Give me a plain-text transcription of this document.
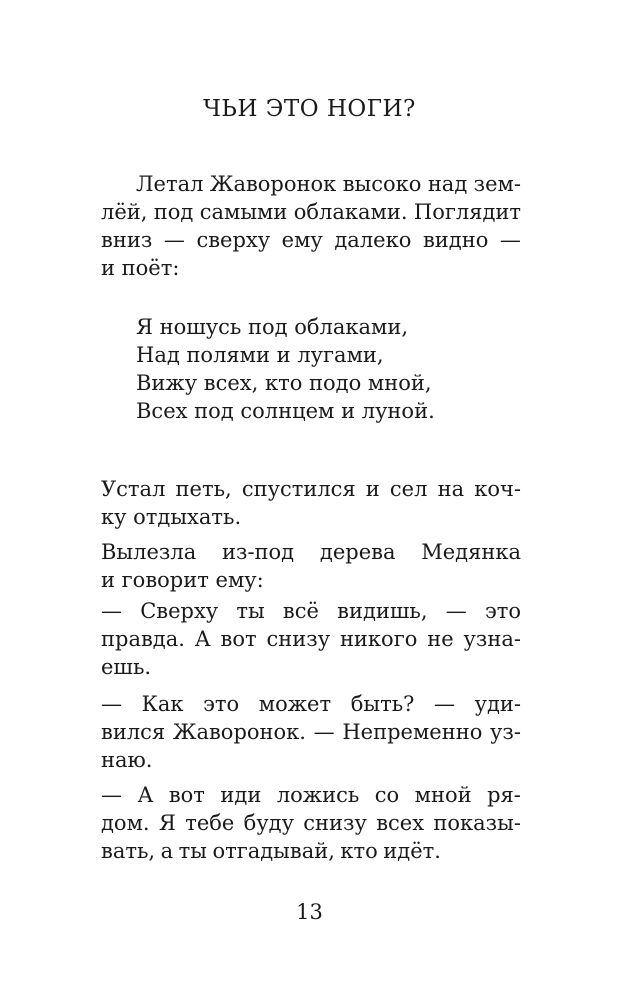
ЧЬИ ЭТО НОГИ?
Летал Жаворонок высоко над зем-
лёй, под самыми облаками. Поглядит
вниз — сверху ему далеко видно —
и поёт:
Я ношусь под облаками,
Над полями и лугами,
Вижу всех, кто подо мной,
Всех под солнцем и луной.
Устал петь, спустился и сел на коч-
ку отдыхать.
Вылезла из-под дерева Медянка
и говорит ему:
— Сверху ты всё видишь, — это
правда. А вот снизу никого не узна-
ешь.
— Как это может быть? — уди-
вился Жаворонок. — Непременно уз-
наю.
— А вот иди ложись со мной ря-
дом. Я тебе буду снизу всех показы-
вать, а ты отгадывай, кто идёт.
13
